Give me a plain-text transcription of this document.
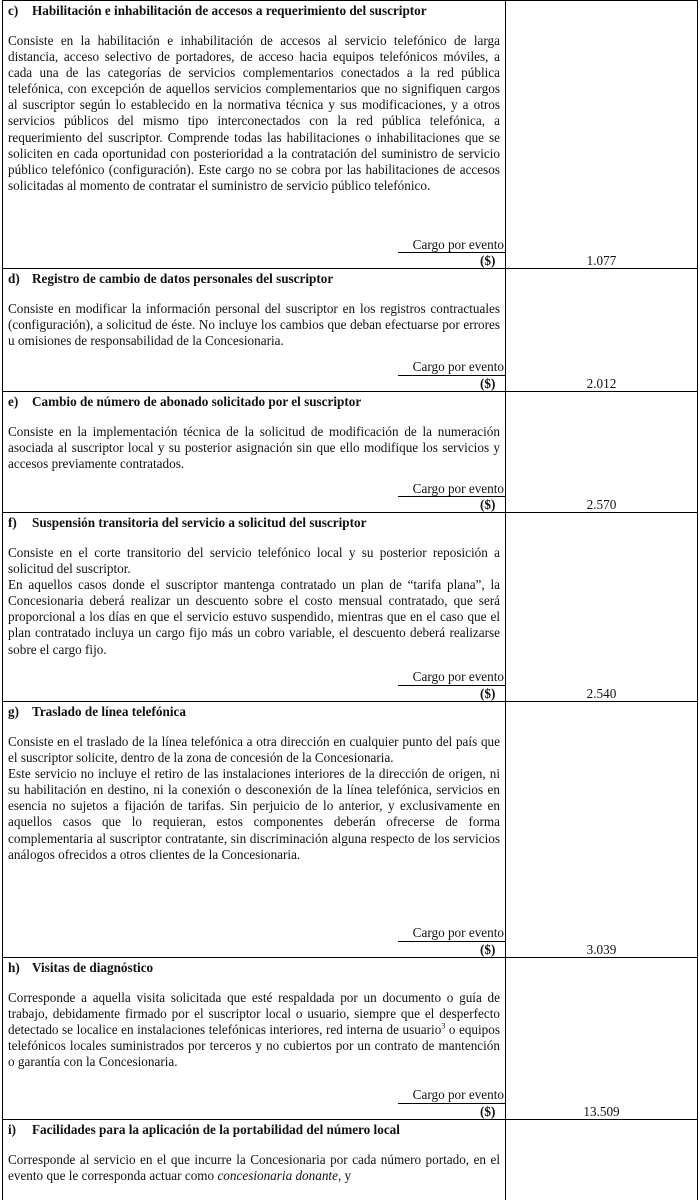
c) Habilitación e inhabilitación de accesos a requerimiento del suscriptor

Consiste en la habilitación e inhabilitación de accesos al servicio telefónico de larga distancia, acceso selectivo de portadores, de acceso hacia equipos telefónicos móviles, a cada una de las categorías de servicios complementarios conectados a la red pública telefónica, con excepción de aquellos servicios complementarios que no signifiquen cargos al suscriptor según lo establecido en la normativa técnica y sus modificaciones, y a otros servicios públicos del mismo tipo interconectados con la red pública telefónica, a requerimiento del suscriptor. Comprende todas las habilitaciones o inhabilitaciones que se soliciten en cada oportunidad con posterioridad a la contratación del suministro de servicio público telefónico (configuración). Este cargo no se cobra por las habilitaciones de accesos solicitadas al momento de contratar el suministro de servicio público telefónico.

Cargo por evento
($)	1.077
d) Registro de cambio de datos personales del suscriptor

Consiste en modificar la información personal del suscriptor en los registros contractuales (configuración), a solicitud de éste. No incluye los cambios que deban efectuarse por errores u omisiones de responsabilidad de la Concesionaria.

Cargo por evento
($)	2.012
e) Cambio de número de abonado solicitado por el suscriptor

Consiste en la implementación técnica de la solicitud de modificación de la numeración asociada al suscriptor local y su posterior asignación sin que ello modifique los servicios y accesos previamente contratados.

Cargo por evento
($)	2.570
f) Suspensión transitoria del servicio a solicitud del suscriptor

Consiste en el corte transitorio del servicio telefónico local y su posterior reposición a solicitud del suscriptor.

En aquellos casos donde el suscriptor mantenga contratado un plan de “tarifa plana”, la Concesionaria deberá realizar un descuento sobre el costo mensual contratado, que será proporcional a los días en que el servicio estuvo suspendido, mientras que en el caso que el plan contratado incluya un cargo fijo más un cobro variable, el descuento deberá realizarse sobre el cargo fijo.

Cargo por evento
($)	2.540
g) Traslado de línea telefónica

Consiste en el traslado de la línea telefónica a otra dirección en cualquier punto del país que el suscriptor solicite, dentro de la zona de concesión de la Concesionaria.

Este servicio no incluye el retiro de las instalaciones interiores de la dirección de origen, ni su habilitación en destino, ni la conexión o desconexión de la línea telefónica, servicios en esencia no sujetos a fijación de tarifas. Sin perjuicio de lo anterior, y exclusivamente en aquellos casos que lo requieran, estos componentes deberán ofrecerse de forma complementaria al suscriptor contratante, sin discriminación alguna respecto de los servicios análogos ofrecidos a otros clientes de la Concesionaria.

Cargo por evento
($)	3.039
h) Visitas de diagnóstico

Corresponde a aquella visita solicitada que esté respaldada por un documento o guía de trabajo, debidamente firmado por el suscriptor local o usuario, siempre que el desperfecto detectado se localice en instalaciones telefónicas interiores, red interna de usuario$^3$ o equipos telefónicos locales suministrados por terceros y no cubiertos por un contrato de mantención o garantía con la Concesionaria.

Cargo por evento
($)	13.509
i) Facilidades para la aplicación de la portabilidad del número local

Corresponde al servicio en el que incurre la Concesionaria por cada número portado, en el evento que le corresponda actuar como concesionaria donante, y
